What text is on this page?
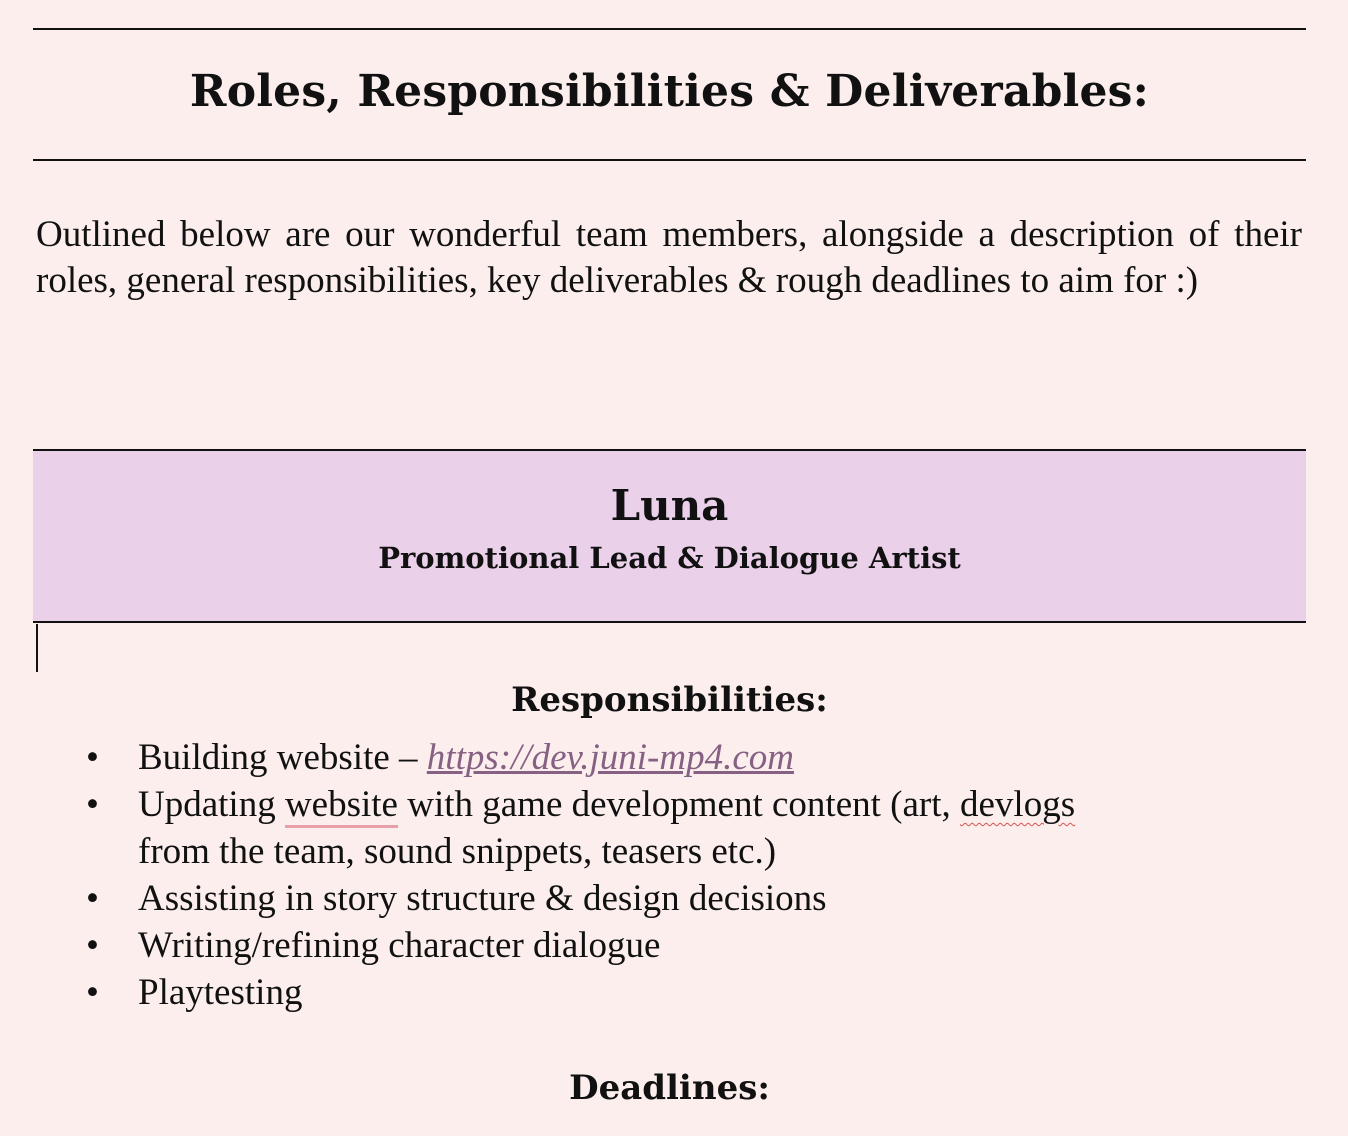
Roles, Responsibilities & Deliverables:

Outlined below are our wonderful team members, alongside a description of their roles, general responsibilities, key deliverables & rough deadlines to aim for :)

Luna
Promotional Lead & Dialogue Artist
Responsibilities:
• Building website – https://dev.juni-mp4.com
• Updating website with game development content (art, devlogs
from the team, sound snippets, teasers etc.)
• Assisting in story structure & design decisions
• Writing/refining character dialogue
• Playtesting
Deadlines:
